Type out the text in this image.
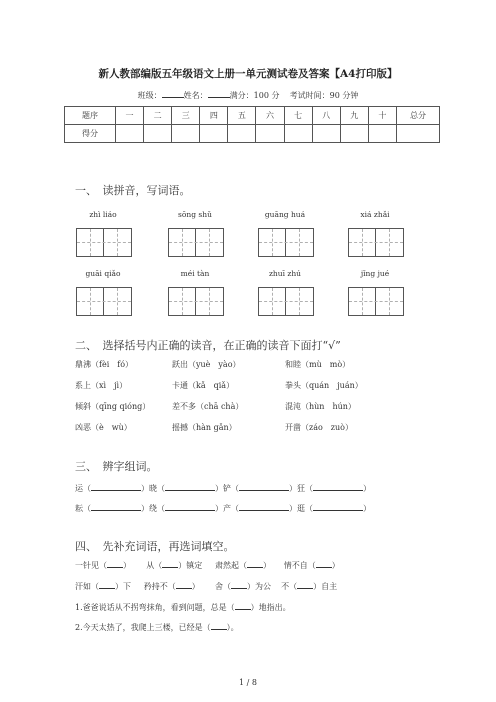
新人教部编版五年级语文上册一单元测试卷及答案【A4打印版】
班级：	姓名：	满分：100 分 考试时间：90 分钟
题序	一	二	三	四	五	六	七	八	九	十	总分
得分											
一、　读拼音，写词语。
zhì liáo	sōng shǔ	guāng huá	xiá zhǎi
guāi qiǎo	méi tàn	zhuī zhú	jǐng jué
二、　选择括号内正确的读音，在正确的读音下面打“√”
鼎沸（fèi　fó）	跃出（yuè　yào）	和睦（mù　mò）
系上（xì　jì）	卡通（kǎ　qiǎ）	拳头（quán　juán）
倾斜（qīng qióng）	差不多（chā chà）	混沌（hùn　hún）
凶恶（è　wù）	摇撼（hàn gǎn）	开凿（záo　zuò）
三、　辨字组词。
运（	）晓（	）铲（	）狂（	）
耘（	）绕（	）产（	）逛（	）
四、　先补充词语，再选词填空。
一针见（ ） 从（ ）镇定 肃然起（ ） 情不自（ ）
汗如（ ）下 矜持不（ ） 舍（ ）为公 不（ ）自主
1.爸爸说话从不拐弯抹角，看到问题，总是（ ）地指出。
2.今天太热了，我爬上三楼，已经是（ ）。
1 / 8
